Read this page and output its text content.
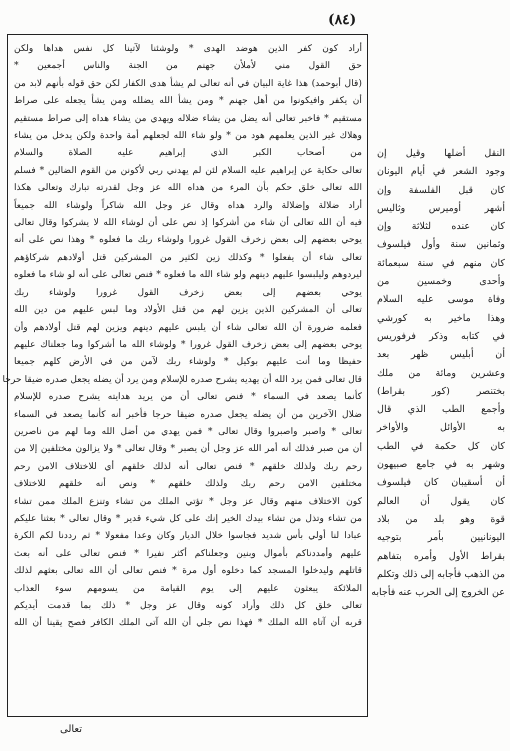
(٨٤)
أراد كون كفر الذين هوضد الهدى * ولوشئنا لآتينا كل نفس هداها ولكن
حق القول مني لأملأن جهنم من الجنة والناس أجمعين *
(قال أبوحمد) هذا غاية البيان في أنه تعالى لم يشأ هدى الكفار لكن حق قوله بأنهم لابد من
أن يكفر وافيكونوا من أهل جهنم * ومن يشأ الله يضلله ومن يشأ يجعله على صراط
مستقيم * فاخبر تعالى أنه يضل من يشاء ضلاله ويهدي من يشاء هداه إلى صراط مستقيم
وهلاك غير الذين يعلمهم هود من * ولو شاء الله لجعلهم أمة واحدة ولكن يدخل من يشاء
من أصحاب الكبر الذي إبراهيم عليه الصلاة والسلام
تعالى حكاية عن إبراهيم عليه السلام لئن لم يهدني ربي لأكونن من القوم الضالين * فسلم
الله تعالى خلق حكم بأن المرء من هداه الله عز وجل لقدرته تبارك وتعالى هكذا
أراد ضلالة وإضلالة والرد هداه وقال عز وجل الله شاكراً ولوشاء الله جميعاً
فيه أن الله تعالى أن شاء من أشركوا إذ نص على أن لوشاء الله لا يشركوا وقال تعالى
يوحي بعضهم إلى بعض زخرف القول غرورا ولوشاء ربك ما فعلوه * وهذا نص على أنه
تعالى شاء أن يفعلوا * وكذلك زين لكثير من المشركين قتل أولادهم شركاؤهم
ليردوهم وليلبسوا عليهم دينهم ولو شاء الله ما فعلوه * فنص تعالى على أنه لو شاء ما فعلوه
يوحي بعضهم إلى بعض زخرف القول غرورا ولوشاء ربك
تعالى أن المشركين الذين يزين لهم من قتل الأولاد وما لبس عليهم من دين الله
فعلمه ضرورة أن الله تعالى شاء أن يلبس عليهم دينهم ويزين لهم قتل أولادهم وأن
يوحي بعضهم إلى بعض زخرف القول غرورا * ولوشاء الله ما أشركوا وما جعلناك عليهم
حفيظا وما أنت عليهم بوكيل * ولوشاء ربك لآمن من في الأرض كلهم جميعا
قال تعالى فمن يرد الله أن يهديه يشرح صدره للإسلام ومن يرد أن يضله يجعل صدره ضيقا حرجا
كأنما يصعد في السماء * فنص تعالى أن من يريد هدايته يشرح صدره للإسلام
ضلال الآخرين من أن يضله يجعل صدره ضيقا حرجا فأخبر أنه كأنما يصعد في السماء
تعالى * واصبر واصبروا وقال تعالى * فمن يهدي من أضل الله وما لهم من ناصرين
أن من صبر فذلك أنه أمر الله عز وجل أن يصبر * وقال تعالى * ولا يزالون مختلفين إلا من
رحم ربك ولذلك خلقهم * فنص تعالى أنه لذلك خلقهم أي للاختلاف الامن رحم
مختلفين الامن رحم ربك ولذلك خلقهم * ونص أنه خلقهم للاختلاف
كون الاختلاف منهم وقال عز وجل * تؤتي الملك من تشاء وتنزع الملك ممن تشاء
من تشاء وتذل من تشاء بيدك الخير إنك على كل شيء قدير * وقال تعالى * بعثنا عليكم
عبادا لنا أولي بأس شديد فجاسوا خلال الديار وكان وعدا مفعولا * ثم رددنا لكم الكرة
عليهم وأمددناكم بأموال وبنين وجعلناكم أكثر نفيرا * فنص تعالى على أنه بعث
قاتلهم وليدخلوا المسجد كما دخلوه أول مرة * فنص تعالى أن الله تعالى بعثهم لذلك
الملائكة يبعثون عليهم إلى يوم القيامة من يسومهم سوء العذاب
تعالى خلق كل ذلك وأراد كونه وقال عز وجل * ذلك بما قدمت أيديكم
قربه أن آتاه الله الملك * فهذا نص جلي أن الله آتى الملك الكافر فصح يقينا أن الله
النقل أضلها وقيل إن
وجود الشعر في أيام اليونان
كان قبل الفلسفة وإن
أشهر أوميرس وثاليس
كان عنده لثلاثة وإن
وثمانين سنة وأول فيلسوف
كان منهم في سنة سبعمائة
وأحدى وخمسين من
وفاة موسى عليه السلام
وهذا ماخير به كورشي
في كتابه وذكر فرفوريس
أن أبليس ظهر بعد
وعشرين ومائة من ملك
بختنصر (كور بقراط)
وأجمع الطب الذي قال
به الأوائل والأواخر
كان كل حكمة في الطب
وشهر به في جامع صبيهون
أن أسقيبان كان فيلسوف
كان يقول أن العالم
قوة وهو بلد من بلاد
اليونانيين بأمر بتوجيه
بقراط الأول وأمره بتفاهم
من الذهب فأجابه إلى ذلك وتكلم
عن الخروج إلى الحرب عنه فأجابه
تعالى
